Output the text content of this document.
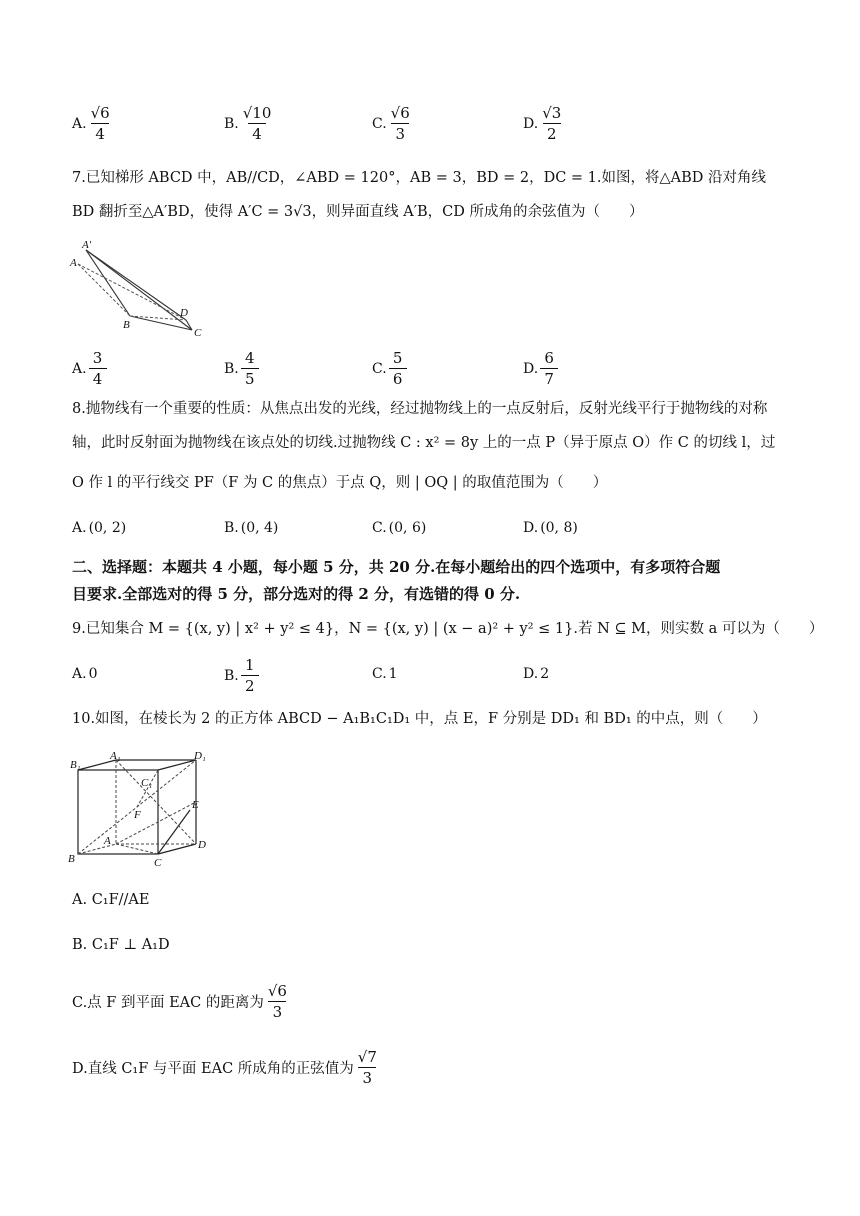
A. $\frac{√6}{4}$	B. $\frac{√10}{4}$	C. $\frac{√6}{3}$	D. $\frac{√3}{2}$
7.已知梯形 ABCD 中，AB//CD，∠ABD = 120°，AB = 3，BD = 2，DC = 1.如图，将△ABD 沿对角线
BD 翻折至△A′BD，使得 A′C = 3√3，则异面直线 A′B，CD 所成角的余弦值为（　　）
A′
A
B
D
C
A. $\frac{3}{4}$	B. $\frac{4}{5}$	C. $\frac{5}{6}$	D. $\frac{6}{7}$
8.抛物线有一个重要的性质：从焦点出发的光线，经过抛物线上的一点反射后，反射光线平行于抛物线的对称
轴，此时反射面为抛物线在该点处的切线.过抛物线 C : x² = 8y 上的一点 P（异于原点 O）作 C 的切线 l，过
O 作 l 的平行线交 PF（F 为 C 的焦点）于点 Q，则 | OQ | 的取值范围为（　　）
A. (0, 2)	B. (0, 4)	C. (0, 6)	D. (0, 8)
二、选择题：本题共 4 小题，每小题 5 分，共 20 分.在每小题给出的四个选项中，有多项符合题
目要求.全部选对的得 5 分，部分选对的得 2 分，有选错的得 0 分.
9.已知集合 M = {(x, y) | x² + y² ≤ 4}，N = {(x, y) | (x − a)² + y² ≤ 1}.若 N ⊆ M，则实数 a 可以为（　　）
A. 0	B. $\frac{1}{2}$	C. 1	D. 2
10.如图，在棱长为 2 的正方体 ABCD − A₁B₁C₁D₁ 中，点 E，F 分别是 DD₁ 和 BD₁ 的中点，则（　　）
B₁
A₁	D₁
C₁
E
F
A
B	C
D
A. C₁F//AE
B. C₁F ⊥ A₁D
C.点 F 到平面 EAC 的距离为 $\frac{√6}{3}$
D.直线 C₁F 与平面 EAC 所成角的正弦值为 $\frac{√7}{3}$
